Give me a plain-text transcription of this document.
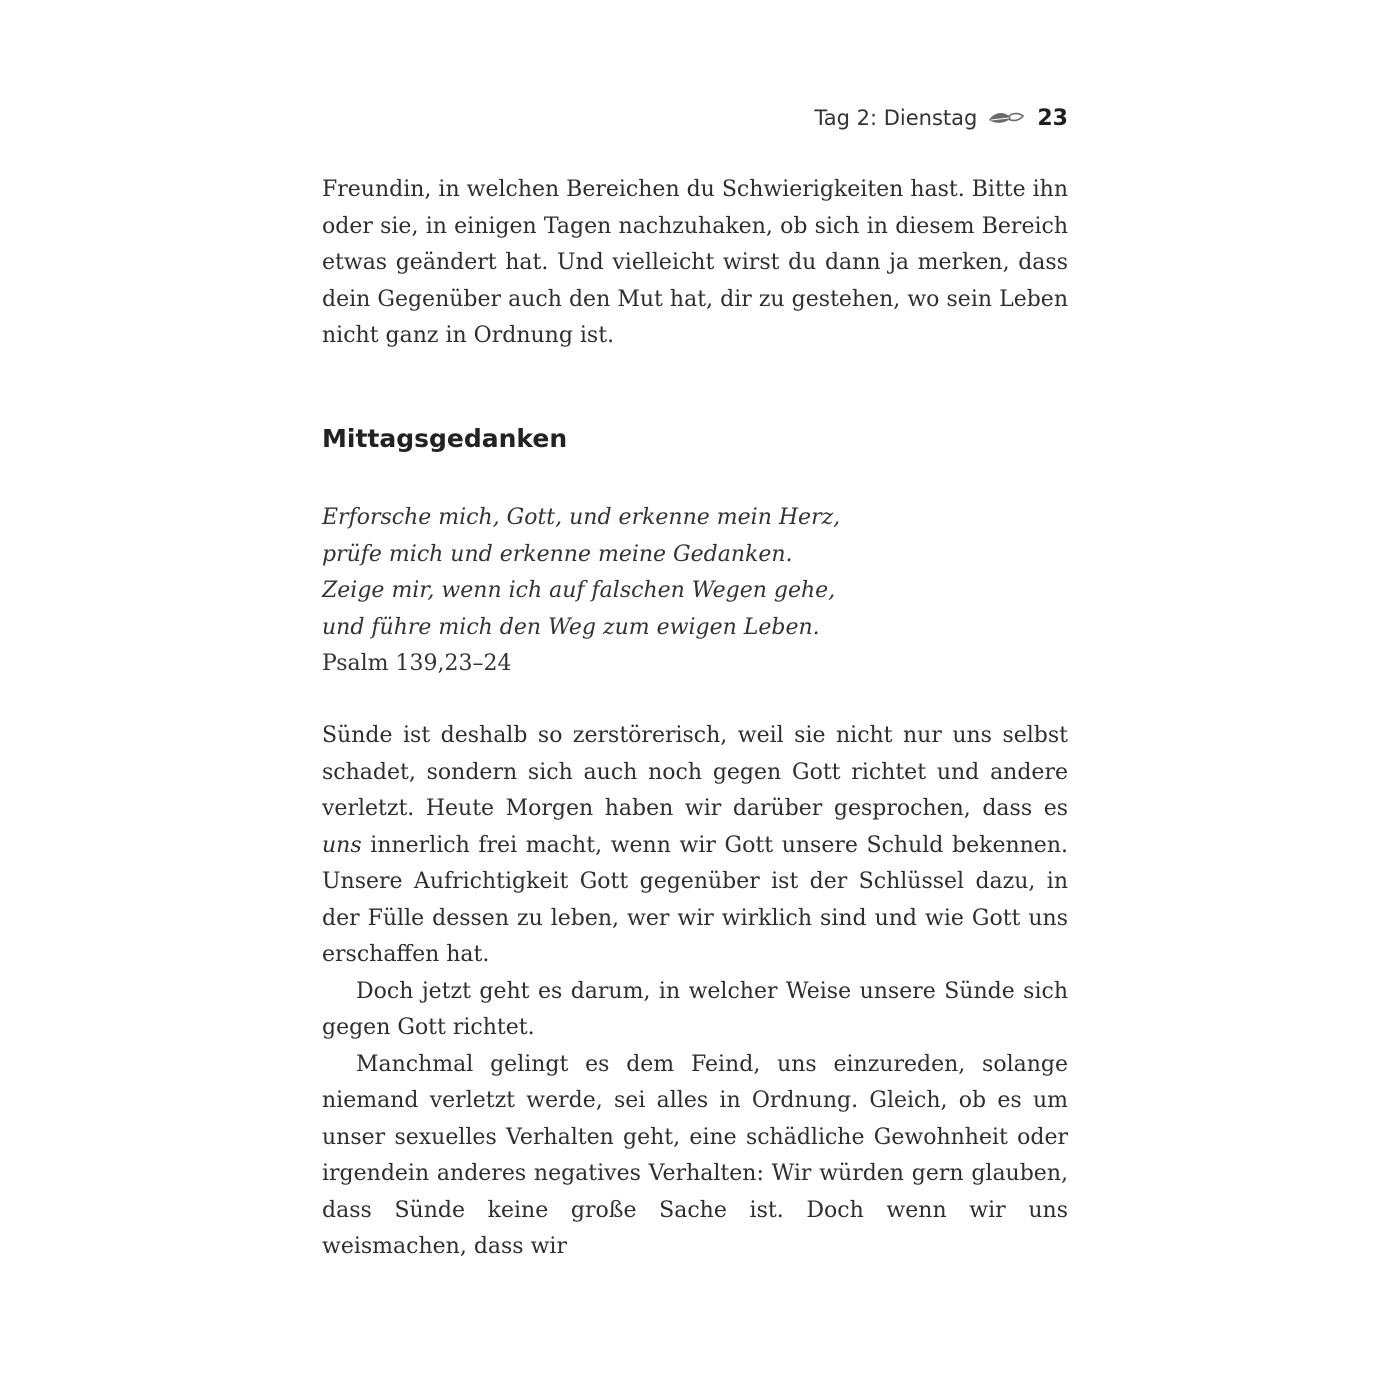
Tag 2: Dienstag	23

Freundin, in welchen Bereichen du Schwierigkeiten hast. Bitte ihn oder sie, in einigen Tagen nachzuhaken, ob sich in diesem Bereich etwas geändert hat. Und vielleicht wirst du dann ja merken, dass dein Gegenüber auch den Mut hat, dir zu gestehen, wo sein Leben nicht ganz in Ordnung ist.

Mittagsgedanken
Erforsche mich, Gott, und erkenne mein Herz,
prüfe mich und erkenne meine Gedanken.
Zeige mir, wenn ich auf falschen Wegen gehe,
und führe mich den Weg zum ewigen Leben.
Psalm 139,23–24

Sünde ist deshalb so zerstörerisch, weil sie nicht nur uns selbst schadet, sondern sich auch noch gegen Gott richtet und andere verletzt. Heute Morgen haben wir darüber gesprochen, dass es uns innerlich frei macht, wenn wir Gott unsere Schuld bekennen. Unsere Aufrichtigkeit Gott gegenüber ist der Schlüssel dazu, in der Fülle dessen zu leben, wer wir wirklich sind und wie Gott uns erschaffen hat.

Doch jetzt geht es darum, in welcher Weise unsere Sünde sich gegen Gott richtet.

Manchmal gelingt es dem Feind, uns einzureden, solange niemand verletzt werde, sei alles in Ordnung. Gleich, ob es um unser sexuelles Verhalten geht, eine schädliche Gewohnheit oder irgendein anderes negatives Verhalten: Wir würden gern glauben, dass Sünde keine große Sache ist. Doch wenn wir uns weismachen, dass wir
